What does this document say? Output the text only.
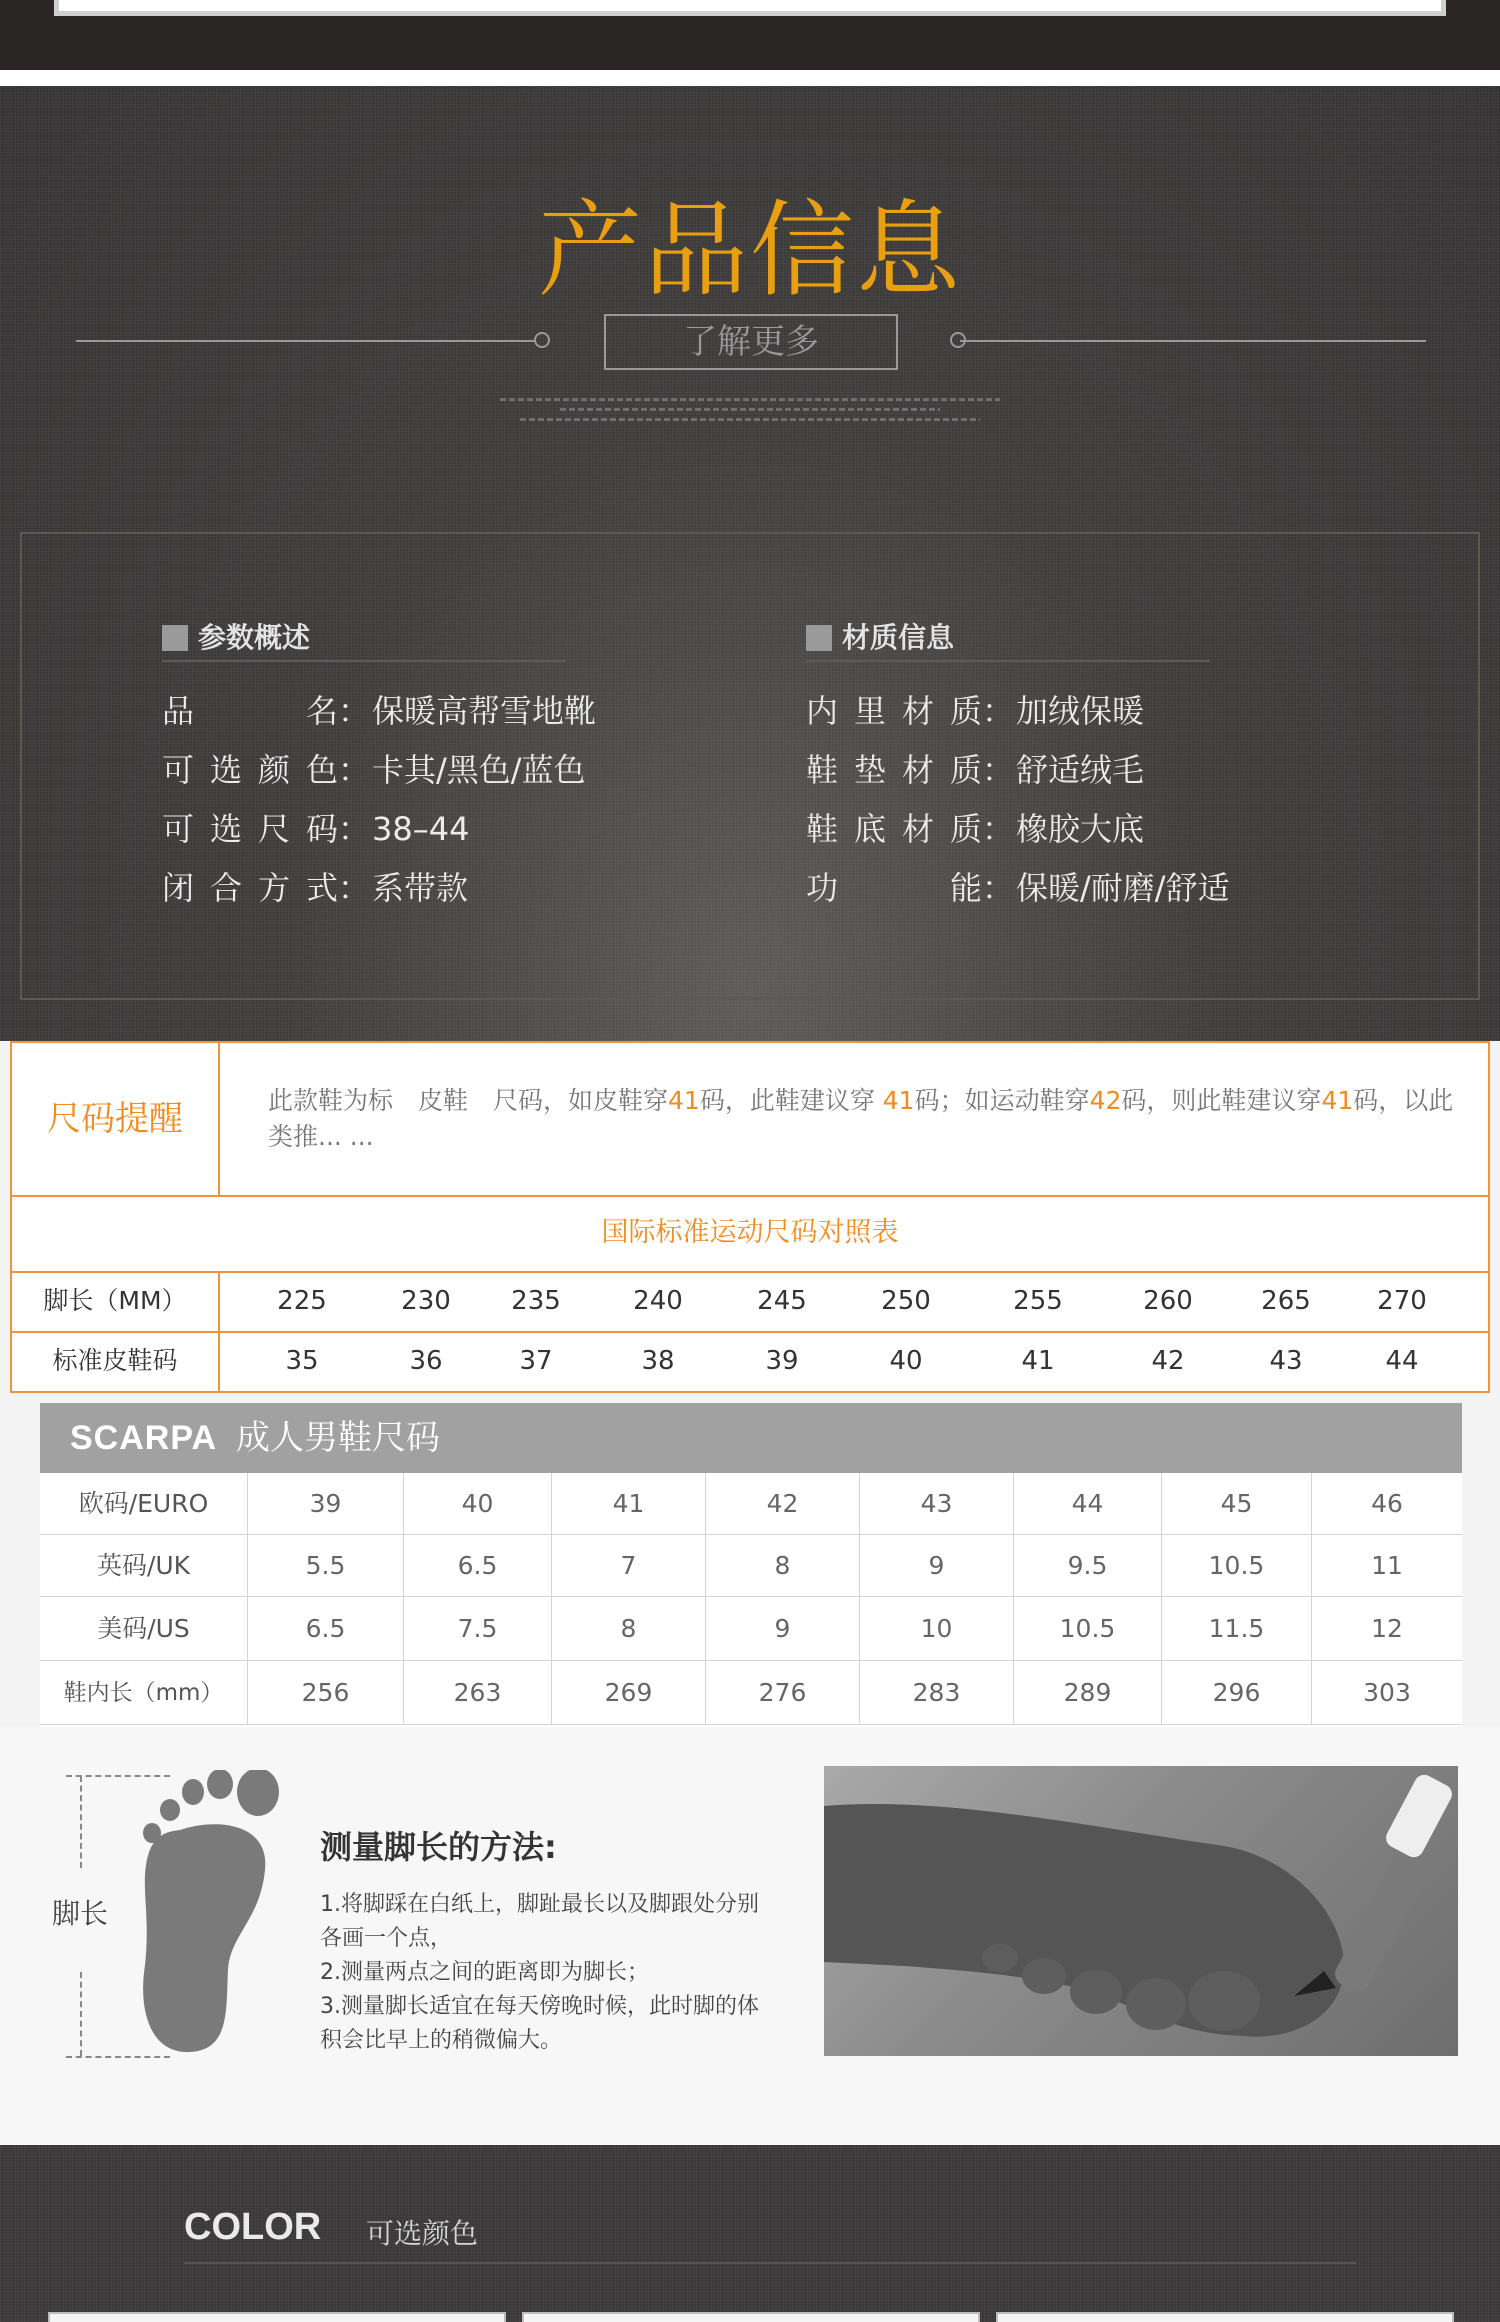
产品信息
了解更多
参数概述	材质信息
品名：保暖高帮雪地靴
可选颜色：卡其/黑色/蓝色
可选尺码：38–44
闭合方式：系带款
内里材质：加绒保暖
鞋垫材质：舒适绒毛
鞋底材质：橡胶大底
功能：保暖/耐磨/舒适
尺码提醒	此款鞋为标　皮鞋　尺码，如皮鞋穿41码，此鞋建议穿 41码；如运动鞋穿42码，则此鞋建议穿41码，以此类推... ...
国际标准运动尺码对照表
脚长（MM）	225	230	235	240	245	250	255	260	265	270
标准皮鞋码	35	36	37	38	39	40	41	42	43	44
SCARPA 成人男鞋尺码
欧码/EURO	39	40	41	42	43	44	45	46
英码/UK	5.5	6.5	7	8	9	9.5	10.5	11
美码/US	6.5	7.5	8	9	10	10.5	11.5	12
鞋内长（mm）	256	263	269	276	283	289	296	303
脚长
测量脚长的方法:
1.将脚踩在白纸上，脚趾最长以及脚跟处分别各画一个点，
2.测量两点之间的距离即为脚长；
3.测量脚长适宜在每天傍晚时候，此时脚的体积会比早上的稍微偏大。
COLOR 可选颜色
